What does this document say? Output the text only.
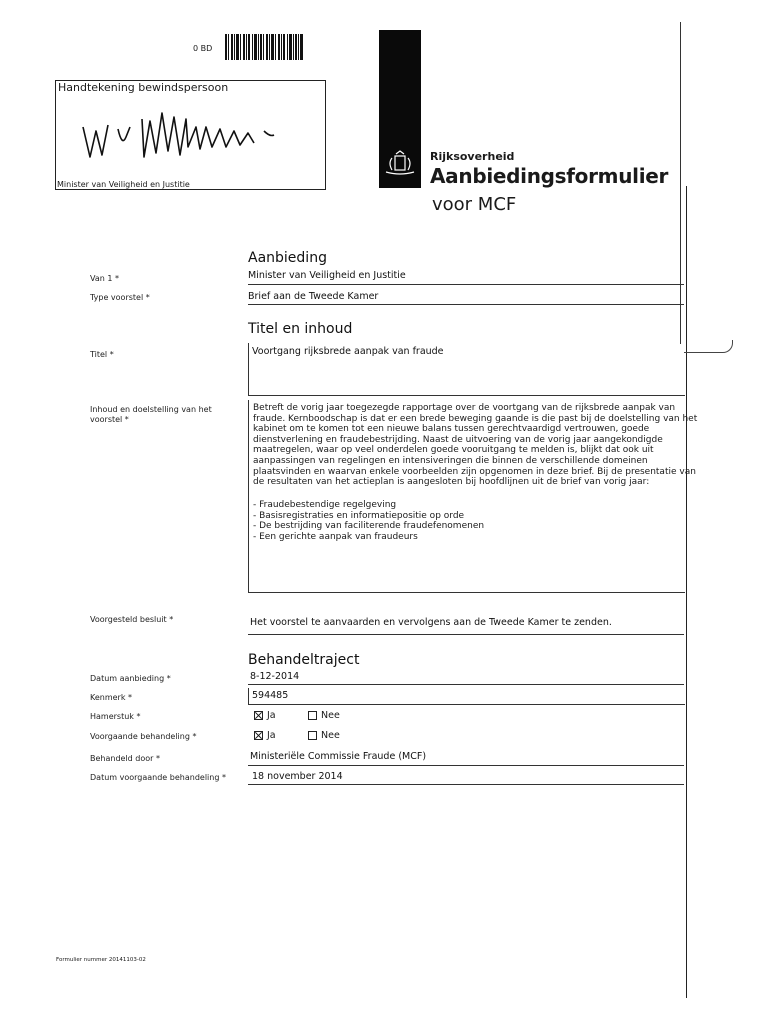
0 BD
Handtekening bewindspersoon
Minister van Veiligheid en Justitie
Rijksoverheid
Aanbiedingsformulier
voor MCF
Aanbieding
Van 1 *	Minister van Veiligheid en Justitie
Type voorstel *	Brief aan de Tweede Kamer
Titel en inhoud
Titel *	Voortgang rijksbrede aanpak van fraude
Inhoud en doelstelling van het voorstel *
Betreft de vorig jaar toegezegde rapportage over de voortgang van de rijksbrede aanpak van fraude. Kernboodschap is dat er een brede beweging gaande is die past bij de doelstelling van het kabinet om te komen tot een nieuwe balans tussen gerechtvaardigd vertrouwen, goede dienstverlening en fraudebestrijding. Naast de uitvoering van de vorig jaar aangekondigde maatregelen, waar op veel onderdelen goede vooruitgang te melden is, blijkt dat ook uit aanpassingen van regelingen en intensiveringen die binnen de verschillende domeinen plaatsvinden en waarvan enkele voorbeelden zijn opgenomen in deze brief. Bij de presentatie van de resultaten van het actieplan is aangesloten bij hoofdlijnen uit de brief van vorig jaar:
- Fraudebestendige regelgeving
- Basisregistraties en informatiepositie op orde
- De bestrijding van faciliterende fraudefenomenen
- Een gerichte aanpak van fraudeurs
Voorgesteld besluit *	Het voorstel te aanvaarden en vervolgens aan de Tweede Kamer te zenden.
Behandeltraject
Datum aanbieding *	8-12-2014
Kenmerk *	594485
Hamerstuk *	Ja	Nee
Voorgaande behandeling *	Ja	Nee
Behandeld door *	Ministeriële Commissie Fraude (MCF)
Datum voorgaande behandeling *	18 november 2014
Formulier nummer 20141103-02
